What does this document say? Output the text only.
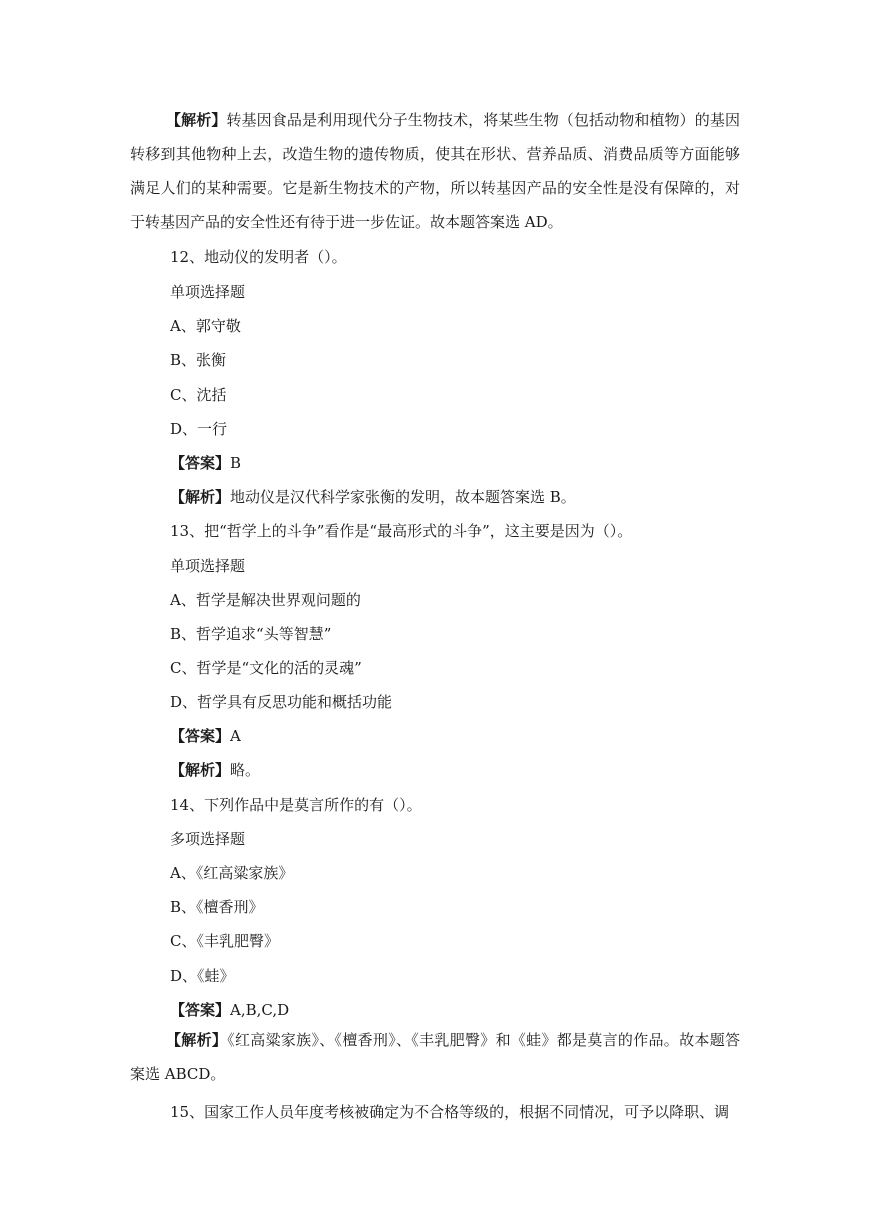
【解析】转基因食品是利用现代分子生物技术，将某些生物（包括动物和植物）的基因转移到其他物种上去，改造生物的遗传物质，使其在形状、营养品质、消费品质等方面能够满足人们的某种需要。它是新生物技术的产物，所以转基因产品的安全性是没有保障的，对于转基因产品的安全性还有待于进一步佐证。故本题答案选 AD。
12、地动仪的发明者（）。
单项选择题
A、郭守敬
B、张衡
C、沈括
D、一行
【答案】B
【解析】地动仪是汉代科学家张衡的发明，故本题答案选 B。
13、把“哲学上的斗争”看作是“最高形式的斗争”，这主要是因为（）。
单项选择题
A、哲学是解决世界观问题的
B、哲学追求“头等智慧”
C、哲学是“文化的活的灵魂”
D、哲学具有反思功能和概括功能
【答案】A
【解析】略。
14、下列作品中是莫言所作的有（）。
多项选择题
A、《红高粱家族》
B、《檀香刑》
C、《丰乳肥臀》
D、《蛙》
【答案】A,B,C,D
【解析】《红高粱家族》、《檀香刑》、《丰乳肥臀》和《蛙》都是莫言的作品。故本题答案选 ABCD。
15、国家工作人员年度考核被确定为不合格等级的，根据不同情况，可予以降职、调
